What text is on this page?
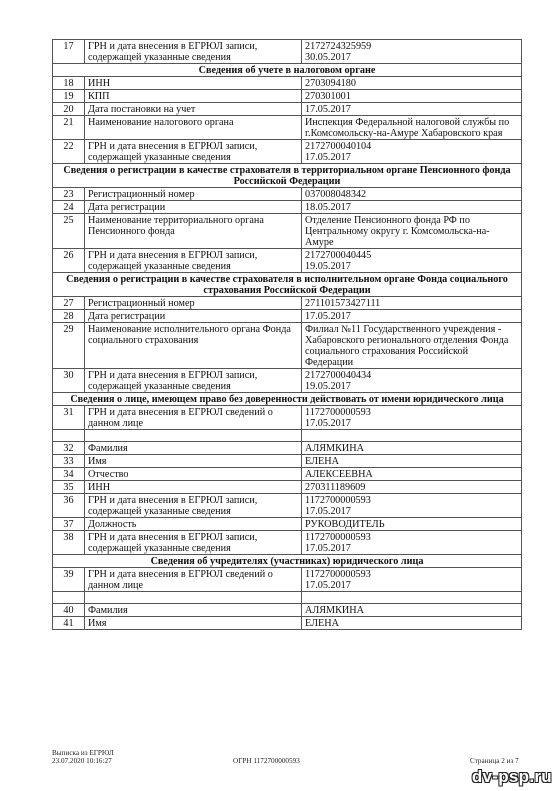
17	ГРН и дата внесения в ЕГРЮЛ записи, содержащей указанные сведения	2172724325959
30.05.2017
Сведения об учете в налоговом органе		
18	ИНН	2703094180
19	КПП	270301001
20	Дата постановки на учет	17.05.2017
21	Наименование налогового органа	Инспекция Федеральной налоговой службы по г.Комсомольску-на-Амуре Хабаровского края
22	ГРН и дата внесения в ЕГРЮЛ записи, содержащей указанные сведения	2172700040104
17.05.2017
Сведения о регистрации в качестве страхователя в территориальном органе Пенсионного фонда Российской Федерации		
23	Регистрационный номер	037008048342
24	Дата регистрации	18.05.2017
25	Наименование территориального органа Пенсионного фонда	Отделение Пенсионного фонда РФ по Центральному округу г. Комсомольска-на-Амуре
26	ГРН и дата внесения в ЕГРЮЛ записи, содержащей указанные сведения	2172700040445
19.05.2017
Сведения о регистрации в качестве страхователя в исполнительном органе Фонда социального страхования Российской Федерации		
27	Регистрационный номер	271101573427111
28	Дата регистрации	17.05.2017
29	Наименование исполнительного органа Фонда социального страхования	Филиал №11 Государственного учреждения - Хабаровского регионального отделения Фонда социального страхования Российской Федерации
30	ГРН и дата внесения в ЕГРЮЛ записи, содержащей указанные сведения	2172700040434
19.05.2017
Сведения о лице, имеющем право без доверенности действовать от имени юридического лица		
31	ГРН и дата внесения в ЕГРЮЛ сведений о данном лице	1172700000593
17.05.2017

32	Фамилия	АЛЯМКИНА
33	Имя	ЕЛЕНА
34	Отчество	АЛЕКСЕЕВНА
35	ИНН	270311189609
36	ГРН и дата внесения в ЕГРЮЛ записи, содержащей указанные сведения	1172700000593
17.05.2017
37	Должность	РУКОВОДИТЕЛЬ
38	ГРН и дата внесения в ЕГРЮЛ записи, содержащей указанные сведения	1172700000593
17.05.2017
Сведения об учредителях (участниках) юридического лица		
39	ГРН и дата внесения в ЕГРЮЛ сведений о данном лице	1172700000593
17.05.2017

40	Фамилия	АЛЯМКИНА
41	Имя	ЕЛЕНА
Выписка из ЕГРЮЛ
23.07.2020 10:16:27	ОГРН 1172700000593	Страница 2 из 7
dv-psp.ru
